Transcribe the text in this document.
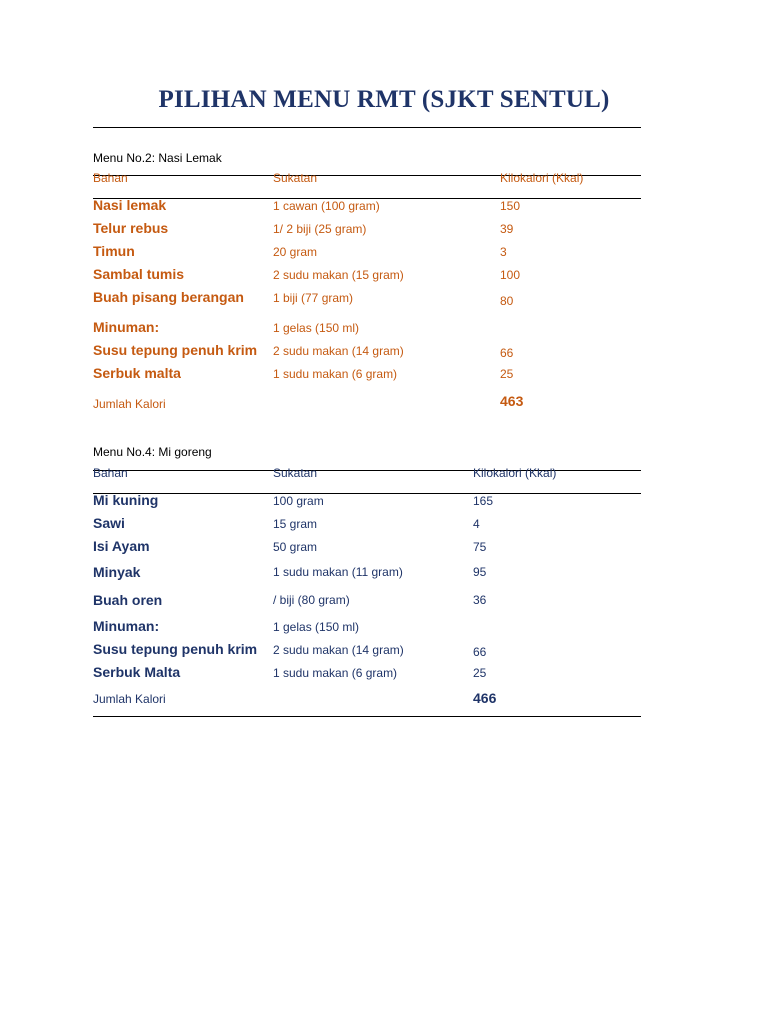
PILIHAN MENU RMT (SJKT SENTUL)
Menu No.2: Nasi Lemak
Bahan	Sukatan	Kilokalori (Kkal)
Nasi lemak	1 cawan (100 gram)	150
Telur rebus	1/ 2 biji (25 gram)	39
Timun	20 gram	3
Sambal tumis	2 sudu makan (15 gram)	100
Buah pisang berangan 1 biji (77 gram)	80
Minuman:	1 gelas (150 ml)
Susu tepung penuh krim 2 sudu makan (14 gram)	66
Serbuk malta	1 sudu makan (6 gram)	25
Jumlah Kalori	463
Menu No.4: Mi goreng
Bahan	Sukatan	Kilokalori (Kkal)
Mi kuning	100 gram	165
Sawi	15 gram	4
Isi Ayam	50 gram	75
Minyak	1 sudu makan (11 gram)	95
Buah oren	/ biji (80 gram)	36
Minuman:	1 gelas (150 ml)
Susu tepung penuh krim 2 sudu makan (14 gram)	66
Serbuk Malta	1 sudu makan (6 gram)	25
Jumlah Kalori	466
